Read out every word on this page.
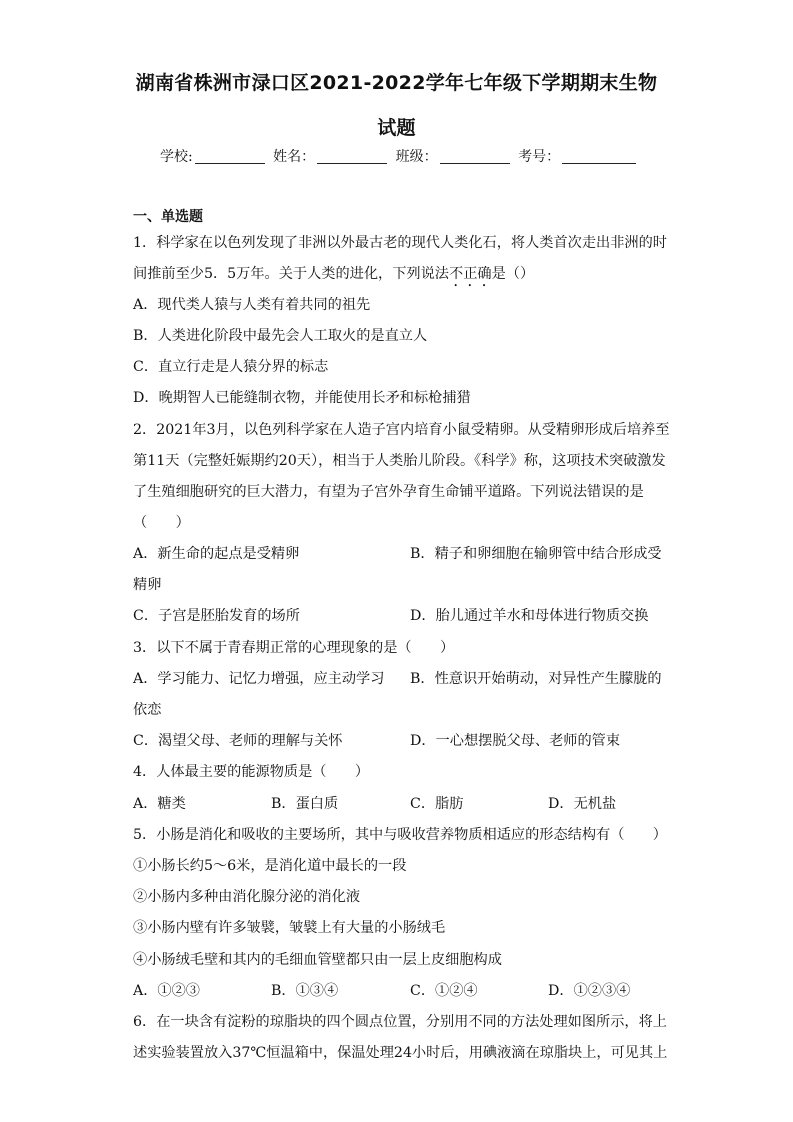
湖南省株洲市渌口区2021-2022学年七年级下学期期末生物
试题
学校:	姓名：	班级：	考号：
一、单选题
1．科学家在以色列发现了非洲以外最古老的现代人类化石，将人类首次走出非洲的时
间推前至少5．5万年。关于人类的进化，下列说法不正确是（）
A．现代类人猿与人类有着共同的祖先
B．人类进化阶段中最先会人工取火的是直立人
C．直立行走是人猿分界的标志
D．晚期智人已能缝制衣物，并能使用长矛和标枪捕猎
2．2021年3月，以色列科学家在人造子宫内培育小鼠受精卵。从受精卵形成后培养至
第11天（完整妊娠期约20天），相当于人类胎儿阶段。《科学》称，这项技术突破激发
了生殖细胞研究的巨大潜力，有望为子宫外孕育生命铺平道路。下列说法错误的是
（　　）
A．新生命的起点是受精卵	B．精子和卵细胞在输卵管中结合形成受
精卵
C．子宫是胚胎发育的场所	D．胎儿通过羊水和母体进行物质交换
3．以下不属于青春期正常的心理现象的是（　　）
A．学习能力、记忆力增强，应主动学习 B．性意识开始萌动，对异性产生朦胧的
依恋
C．渴望父母、老师的理解与关怀	D．一心想摆脱父母、老师的管束
4．人体最主要的能源物质是（　　）
A．糖类	B．蛋白质	C．脂肪	D．无机盐
5．小肠是消化和吸收的主要场所，其中与吸收营养物质相适应的形态结构有（　　）
①小肠长约5～6米，是消化道中最长的一段
②小肠内多种由消化腺分泌的消化液
③小肠内壁有许多皱襞，皱襞上有大量的小肠绒毛
④小肠绒毛壁和其内的毛细血管壁都只由一层上皮细胞构成
A．①②③	B．①③④	C．①②④	D．①②③④
6．在一块含有淀粉的琼脂块的四个圆点位置，分别用不同的方法处理如图所示，将上
述实验装置放入37℃恒温箱中，保温处理24小时后，用碘液滴在琼脂块上，可见其上
